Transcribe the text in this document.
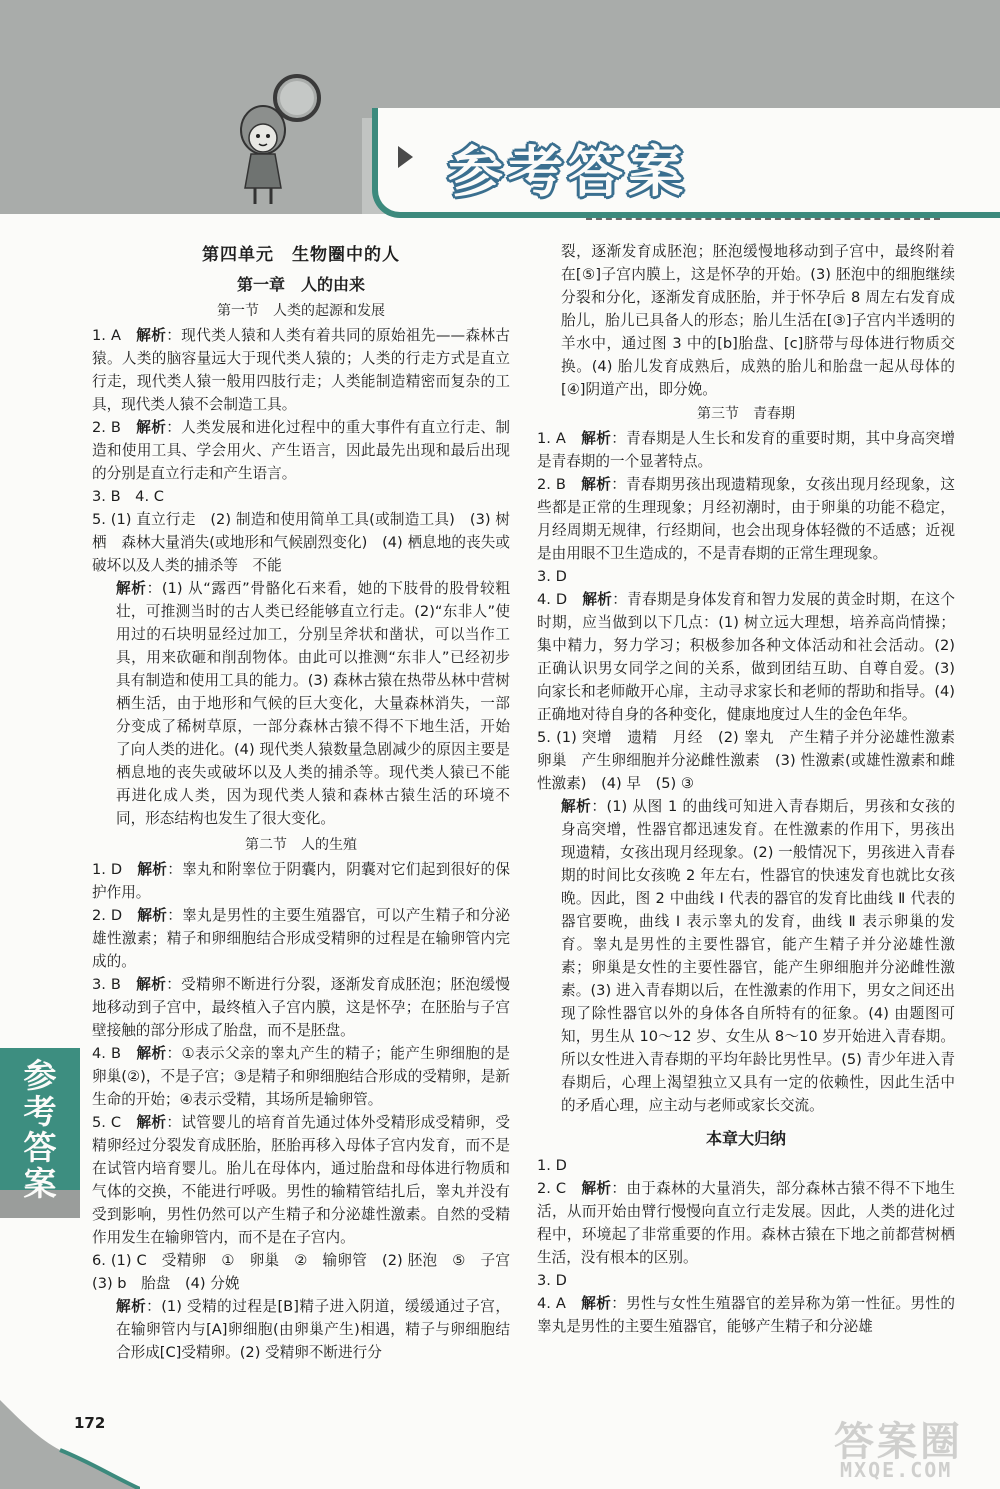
参考答案
第四单元　生物圈中的人
第一章　人的由来
第一节　人类的起源和发展

1. A　解析：现代类人猿和人类有着共同的原始祖先——森林古猿。人类的脑容量远大于现代类人猿的；人类的行走方式是直立行走，现代类人猿一般用四肢行走；人类能制造精密而复杂的工具，现代类人猿不会制造工具。

2. B　解析：人类发展和进化过程中的重大事件有直立行走、制造和使用工具、学会用火、产生语言，因此最先出现和最后出现的分别是直立行走和产生语言。

3. B　4. C

5. (1) 直立行走　(2) 制造和使用简单工具(或制造工具)　(3) 树栖　森林大量消失(或地形和气候剧烈变化)　(4) 栖息地的丧失或破坏以及人类的捕杀等　不能

解析：(1) 从“露西”骨骼化石来看，她的下肢骨的股骨较粗壮，可推测当时的古人类已经能够直立行走。(2)“东非人”使用过的石块明显经过加工，分别呈斧状和凿状，可以当作工具，用来砍砸和削刮物体。由此可以推测“东非人”已经初步具有制造和使用工具的能力。(3) 森林古猿在热带丛林中营树栖生活，由于地形和气候的巨大变化，大量森林消失，一部分变成了稀树草原，一部分森林古猿不得不下地生活，开始了向人类的进化。(4) 现代类人猿数量急剧减少的原因主要是栖息地的丧失或破坏以及人类的捕杀等。现代类人猿已不能再进化成人类，因为现代类人猿和森林古猿生活的环境不同，形态结构也发生了很大变化。

第二节　人的生殖

1. D　解析：睾丸和附睾位于阴囊内，阴囊对它们起到很好的保护作用。

2. D　解析：睾丸是男性的主要生殖器官，可以产生精子和分泌雄性激素；精子和卵细胞结合形成受精卵的过程是在输卵管内完成的。

3. B　解析：受精卵不断进行分裂，逐渐发育成胚泡；胚泡缓慢地移动到子宫中，最终植入子宫内膜，这是怀孕；在胚胎与子宫壁接触的部分形成了胎盘，而不是胚盘。

4. B　解析：①表示父亲的睾丸产生的精子；能产生卵细胞的是卵巢(②)，不是子宫；③是精子和卵细胞结合形成的受精卵，是新生命的开始；④表示受精，其场所是输卵管。

5. C　解析：试管婴儿的培育首先通过体外受精形成受精卵，受精卵经过分裂发育成胚胎，胚胎再移入母体子宫内发育，而不是在试管内培育婴儿。胎儿在母体内，通过胎盘和母体进行物质和气体的交换，不能进行呼吸。男性的输精管结扎后，睾丸并没有受到影响，男性仍然可以产生精子和分泌雄性激素。自然的受精作用发生在输卵管内，而不是在子宫内。

6. (1) C　受精卵　①　卵巢　②　输卵管　(2) 胚泡　⑤　子宫　(3) b　胎盘　(4) 分娩

解析：(1) 受精的过程是[B]精子进入阴道，缓缓通过子宫，在输卵管内与[A]卵细胞(由卵巢产生)相遇，精子与卵细胞结合形成[C]受精卵。(2) 受精卵不断进行分

裂，逐渐发育成胚泡；胚泡缓慢地移动到子宫中，最终附着在[⑤]子宫内膜上，这是怀孕的开始。(3) 胚泡中的细胞继续分裂和分化，逐渐发育成胚胎，并于怀孕后 8 周左右发育成胎儿，胎儿已具备人的形态；胎儿生活在[③]子宫内半透明的羊水中，通过图 3 中的[b]胎盘、[c]脐带与母体进行物质交换。(4) 胎儿发育成熟后，成熟的胎儿和胎盘一起从母体的[④]阴道产出，即分娩。

第三节　青春期

1. A　解析：青春期是人生长和发育的重要时期，其中身高突增是青春期的一个显著特点。

2. B　解析：青春期男孩出现遗精现象，女孩出现月经现象，这些都是正常的生理现象；月经初潮时，由于卵巢的功能不稳定，月经周期无规律，行经期间，也会出现身体轻微的不适感；近视是由用眼不卫生造成的，不是青春期的正常生理现象。

3. D

4. D　解析：青春期是身体发育和智力发展的黄金时期，在这个时期，应当做到以下几点：(1) 树立远大理想，培养高尚情操；集中精力，努力学习；积极参加各种文体活动和社会活动。(2) 正确认识男女同学之间的关系，做到团结互助、自尊自爱。(3) 向家长和老师敞开心扉，主动寻求家长和老师的帮助和指导。(4) 正确地对待自身的各种变化，健康地度过人生的金色年华。

5. (1) 突增　遗精　月经　(2) 睾丸　产生精子并分泌雄性激素　卵巢　产生卵细胞并分泌雌性激素　(3) 性激素(或雄性激素和雌性激素)　(4) 早　(5) ③

解析：(1) 从图 1 的曲线可知进入青春期后，男孩和女孩的身高突增，性器官都迅速发育。在性激素的作用下，男孩出现遗精，女孩出现月经现象。(2) 一般情况下，男孩进入青春期的时间比女孩晚 2 年左右，性器官的快速发育也就比女孩晚。因此，图 2 中曲线 Ⅰ 代表的器官的发育比曲线 Ⅱ 代表的器官要晚，曲线 Ⅰ 表示睾丸的发育，曲线 Ⅱ 表示卵巢的发育。睾丸是男性的主要性器官，能产生精子并分泌雄性激素；卵巢是女性的主要性器官，能产生卵细胞并分泌雌性激素。(3) 进入青春期以后，在性激素的作用下，男女之间还出现了除性器官以外的身体各自所特有的征象。(4) 由题图可知，男生从 10～12 岁、女生从 8～10 岁开始进入青春期。所以女性进入青春期的平均年龄比男性早。(5) 青少年进入青春期后，心理上渴望独立又具有一定的依赖性，因此生活中的矛盾心理，应主动与老师或家长交流。

本章大归纳

1. D

2. C　解析：由于森林的大量消失，部分森林古猿不得不下地生活，从而开始由臂行慢慢向直立行走发展。因此，人类的进化过程中，环境起了非常重要的作用。森林古猿在下地之前都营树栖生活，没有根本的区别。

3. D

4. A　解析：男性与女性生殖器官的差异称为第一性征。男性的睾丸是男性的主要生殖器官，能够产生精子和分泌雄

参考答案
172	答案圈
MXQE.COM
